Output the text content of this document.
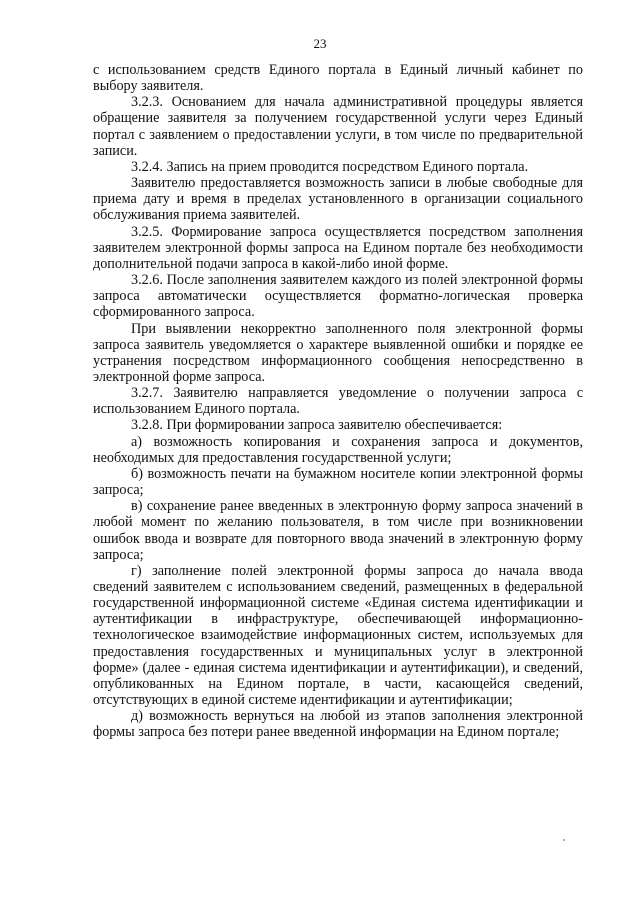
23

с использованием средств Единого портала в Единый личный кабинет по выбору заявителя.

3.2.3. Основанием для начала административной процедуры является обращение заявителя за получением государственной услуги через Единый портал с заявлением о предоставлении услуги, в том числе по предварительной записи.

3.2.4. Запись на прием проводится посредством Единого портала.

Заявителю предоставляется возможность записи в любые свободные для приема дату и время в пределах установленного в организации социального обслуживания приема заявителей.

3.2.5. Формирование запроса осуществляется посредством заполнения заявителем электронной формы запроса на Едином портале без необходимости дополнительной подачи запроса в какой-либо иной форме.

3.2.6. После заполнения заявителем каждого из полей электронной формы запроса автоматически осуществляется форматно-логическая проверка сформированного запроса.

При выявлении некорректно заполненного поля электронной формы запроса заявитель уведомляется о характере выявленной ошибки и порядке ее устранения посредством информационного сообщения непосредственно в электронной форме запроса.

3.2.7. Заявителю направляется уведомление о получении запроса с использованием Единого портала.

3.2.8. При формировании запроса заявителю обеспечивается:

а) возможность копирования и сохранения запроса и документов, необходимых для предоставления государственной услуги;

б) возможность печати на бумажном носителе копии электронной формы запроса;

в) сохранение ранее введенных в электронную форму запроса значений в любой момент по желанию пользователя, в том числе при возникновении ошибок ввода и возврате для повторного ввода значений в электронную форму запроса;

г) заполнение полей электронной формы запроса до начала ввода сведений заявителем с использованием сведений, размещенных в федеральной государственной информационной системе «Единая система идентификации и аутентификации в инфраструктуре, обеспечивающей информационно-технологическое взаимодействие информационных систем, используемых для предоставления государственных и муниципальных услуг в электронной форме» (далее - единая система идентификации и аутентификации), и сведений, опубликованных на Едином портале, в части, касающейся сведений, отсутствующих в единой системе идентификации и аутентификации;

д) возможность вернуться на любой из этапов заполнения электронной формы запроса без потери ранее введенной информации на Едином портале;
